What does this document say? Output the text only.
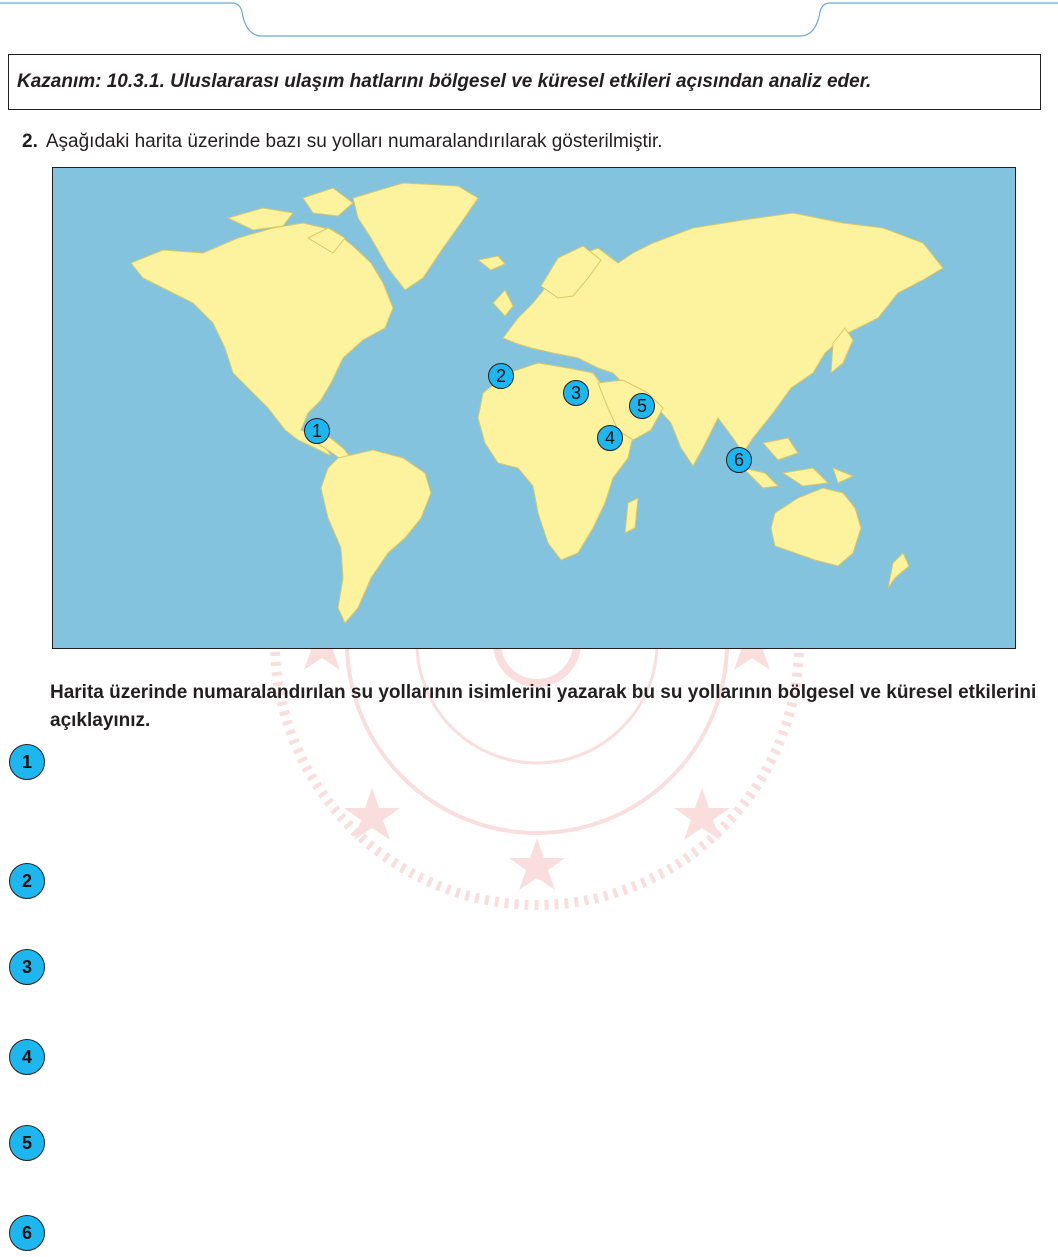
Kazanım: 10.3.1. Uluslararası ulaşım hatlarını bölgesel ve küresel etkileri açısından analiz eder.
2. Aşağıdaki harita üzerinde bazı su yolları numaralandırılarak gösterilmiştir.
1
2
3
4
5
6
Harita üzerinde numaralandırılan su yollarının isimlerini yazarak bu su yollarının bölgesel ve küresel etkilerini açıklayınız.
1
2
3
4
5
6
